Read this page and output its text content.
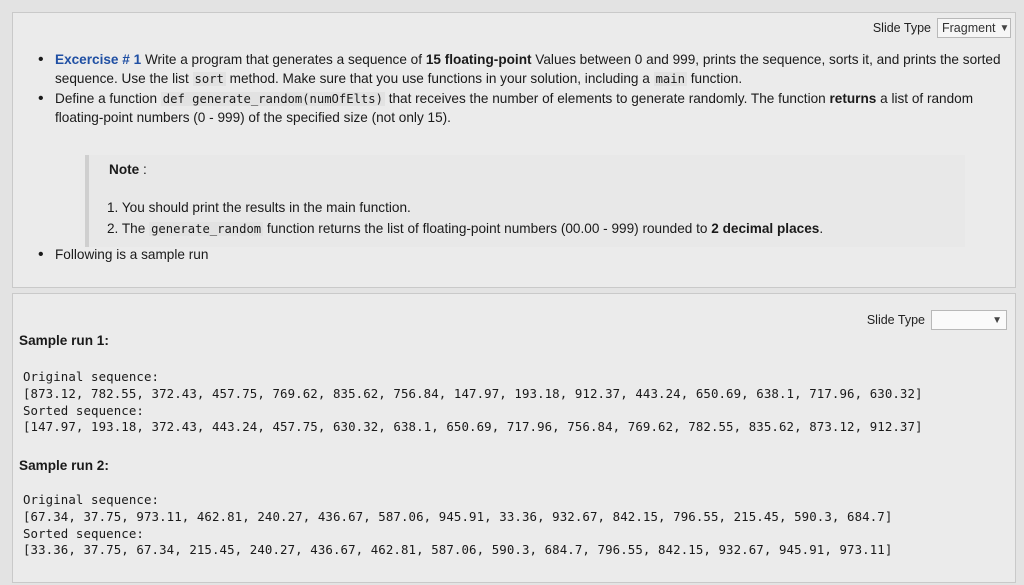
Slide Type Fragment ▼
• Excercise # 1 Write a program that generates a sequence of 15 floating-point Values between 0 and 999, prints the sequence, sorts it, and prints the sorted sequence. Use the list sort method. Make sure that you use functions in your solution, including a main function.
• Define a function def generate_random(numOfElts) that receives the number of elements to generate randomly. The function returns a list of random floating-point numbers (0 - 999) of the specified size (not only 15).
Note :
1. You should print the results in the main function.
2. The generate_random function returns the list of floating-point numbers (00.00 - 999) rounded to 2 decimal places.
• Following is a sample run
Slide Type	▼
Sample run 1:
Original sequence:
[873.12, 782.55, 372.43, 457.75, 769.62, 835.62, 756.84, 147.97, 193.18, 912.37, 443.24, 650.69, 638.1, 717.96, 630.32]
Sorted sequence:
[147.97, 193.18, 372.43, 443.24, 457.75, 630.32, 638.1, 650.69, 717.96, 756.84, 769.62, 782.55, 835.62, 873.12, 912.37]
Sample run 2:
Original sequence:
[67.34, 37.75, 973.11, 462.81, 240.27, 436.67, 587.06, 945.91, 33.36, 932.67, 842.15, 796.55, 215.45, 590.3, 684.7]
Sorted sequence:
[33.36, 37.75, 67.34, 215.45, 240.27, 436.67, 462.81, 587.06, 590.3, 684.7, 796.55, 842.15, 932.67, 945.91, 973.11]
